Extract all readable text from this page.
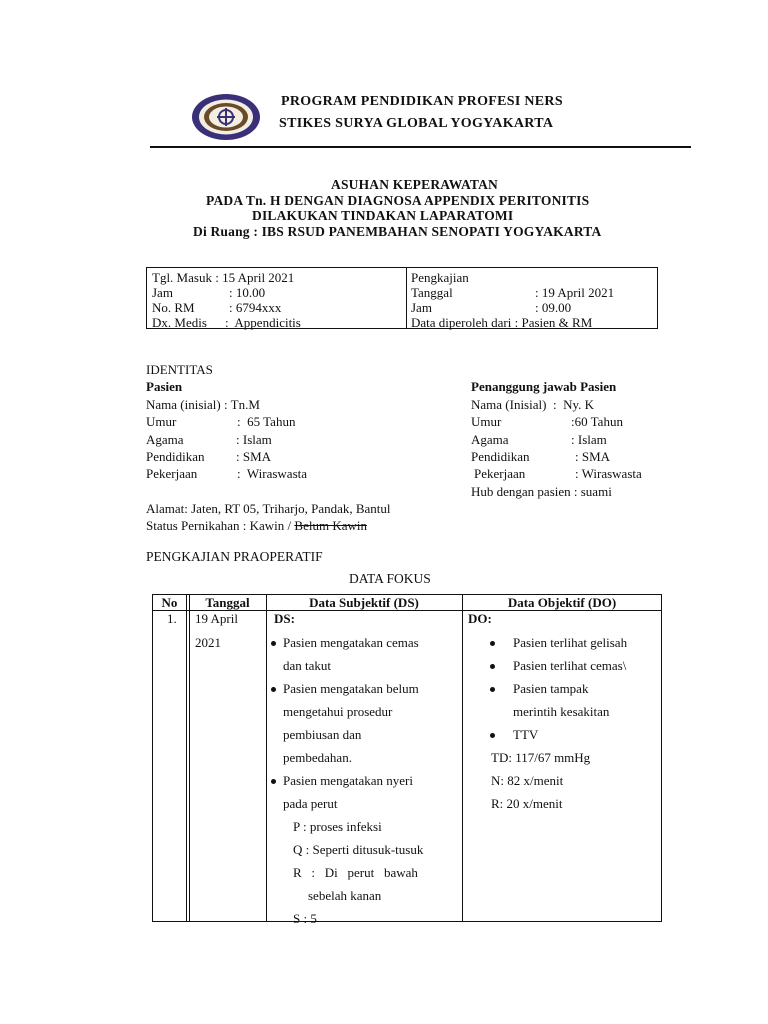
PROGRAM PENDIDIKAN PROFESI NERS
STIKES SURYA GLOBAL YOGYAKARTA
ASUHAN KEPERAWATAN
PADA Tn. H DENGAN DIAGNOSA APPENDIX PERITONITIS
DILAKUKAN TINDAKAN LAPARATOMI
Di Ruang : IBS RSUD PANEMBAHAN SENOPATI YOGYAKARTA
Tgl. Masuk : 15 April 2021
Jam	: 10.00
No. RM	: 6794xxx
Dx. Medis : Appendicitis
Pengkajian
Tanggal	: 19 April 2021
Jam	: 09.00
Data diperoleh dari : Pasien & RM
IDENTITAS
Pasien	Penanggung jawab Pasien
Nama (inisial) : Tn.M
Umur	: 65 Tahun
Agama	: Islam
Pendidikan : SMA
Pekerjaan	: Wiraswasta
Nama (Inisial) : Ny. K
Umur	:60 Tahun
Agama	: Islam
Pendidikan	: SMA
Pekerjaan	: Wiraswasta
Hub dengan pasien : suami
Alamat: Jaten, RT 05, Triharjo, Pandak, Bantul
Status Pernikahan : Kawin / Belum Kawin
PENGKAJIAN PRAOPERATIF
DATA FOKUS
No	Tanggal	Data Subjektif (DS)	Data Objektif (DO)
1. 19 April
2021
DS:
Pasien mengatakan cemas
dan takut
Pasien mengatakan belum
mengetahui prosedur
pembiusan dan
pembedahan.
Pasien mengatakan nyeri
pada perut
P : proses infeksi
Q : Seperti ditusuk-tusuk
R   :   Di   perut   bawah
sebelah kanan
S : 5
DO:
Pasien terlihat gelisah
Pasien terlihat cemas\
Pasien tampak
merintih kesakitan
TTV
TD: 117/67 mmHg
N: 82 x/menit
R: 20 x/menit
